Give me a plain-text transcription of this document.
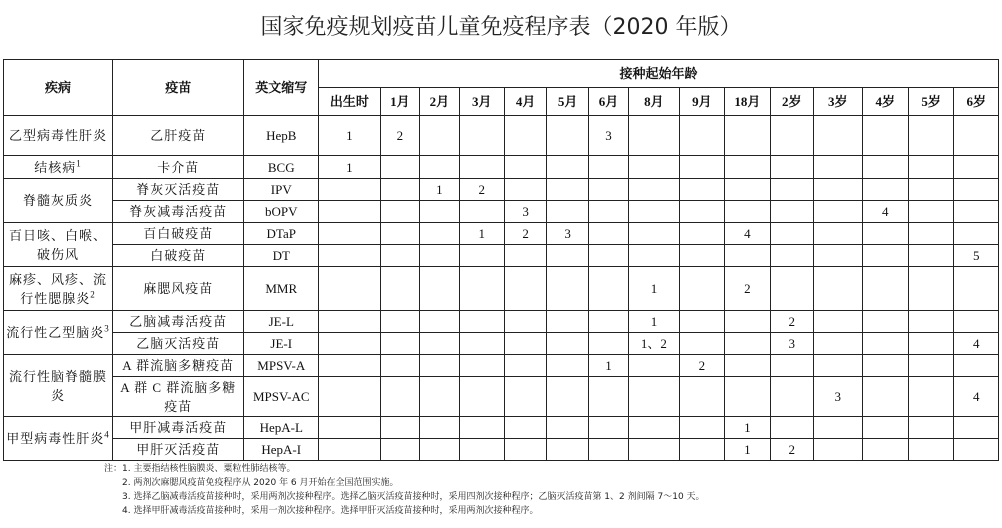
国家免疫规划疫苗儿童免疫程序表（2020 年版）
疾病	疫苗	英文缩写	接种起始年龄														
			出生时	1月	2月	3月	4月	5月	6月	8月	9月	18月	2岁	3岁	4岁	5岁	6岁
乙型病毒性肝炎	乙肝疫苗	HepB	1	2					3								
结核病$^1$	卡介苗	BCG	1														
脊髓灰质炎	脊灰灭活疫苗	IPV			1	2											
	脊灰减毒活疫苗	bOPV					3								4		
百日咳、白喉、破伤风	百白破疫苗	DTaP				1	2	3				4					
	白破疫苗	DT															5
麻疹、风疹、流行性腮腺炎$^2$	麻腮风疫苗	MMR								1		2					
流行性乙型脑炎$^3$	乙脑减毒活疫苗	JE-L								1			2				
	乙脑灭活疫苗	JE-I								1、2			3				4
流行性脑脊髓膜炎	A 群流脑多糖疫苗	MPSV-A							1		2						
	A 群 C 群流脑多糖疫苗	MPSV-AC												3			4
甲型病毒性肝炎$^4$	甲肝减毒活疫苗	HepA-L										1					
	甲肝灭活疫苗	HepA-I										1	2				
注：1. 主要指结核性脑膜炎、粟粒性肺结核等。
2. 两剂次麻腮风疫苗免疫程序从 2020 年 6 月开始在全国范围实施。
3. 选择乙脑减毒活疫苗接种时，采用两剂次接种程序。选择乙脑灭活疫苗接种时，采用四剂次接种程序；乙脑灭活疫苗第 1、2 剂间隔 7～10 天。
4. 选择甲肝减毒活疫苗接种时，采用一剂次接种程序。选择甲肝灭活疫苗接种时，采用两剂次接种程序。
